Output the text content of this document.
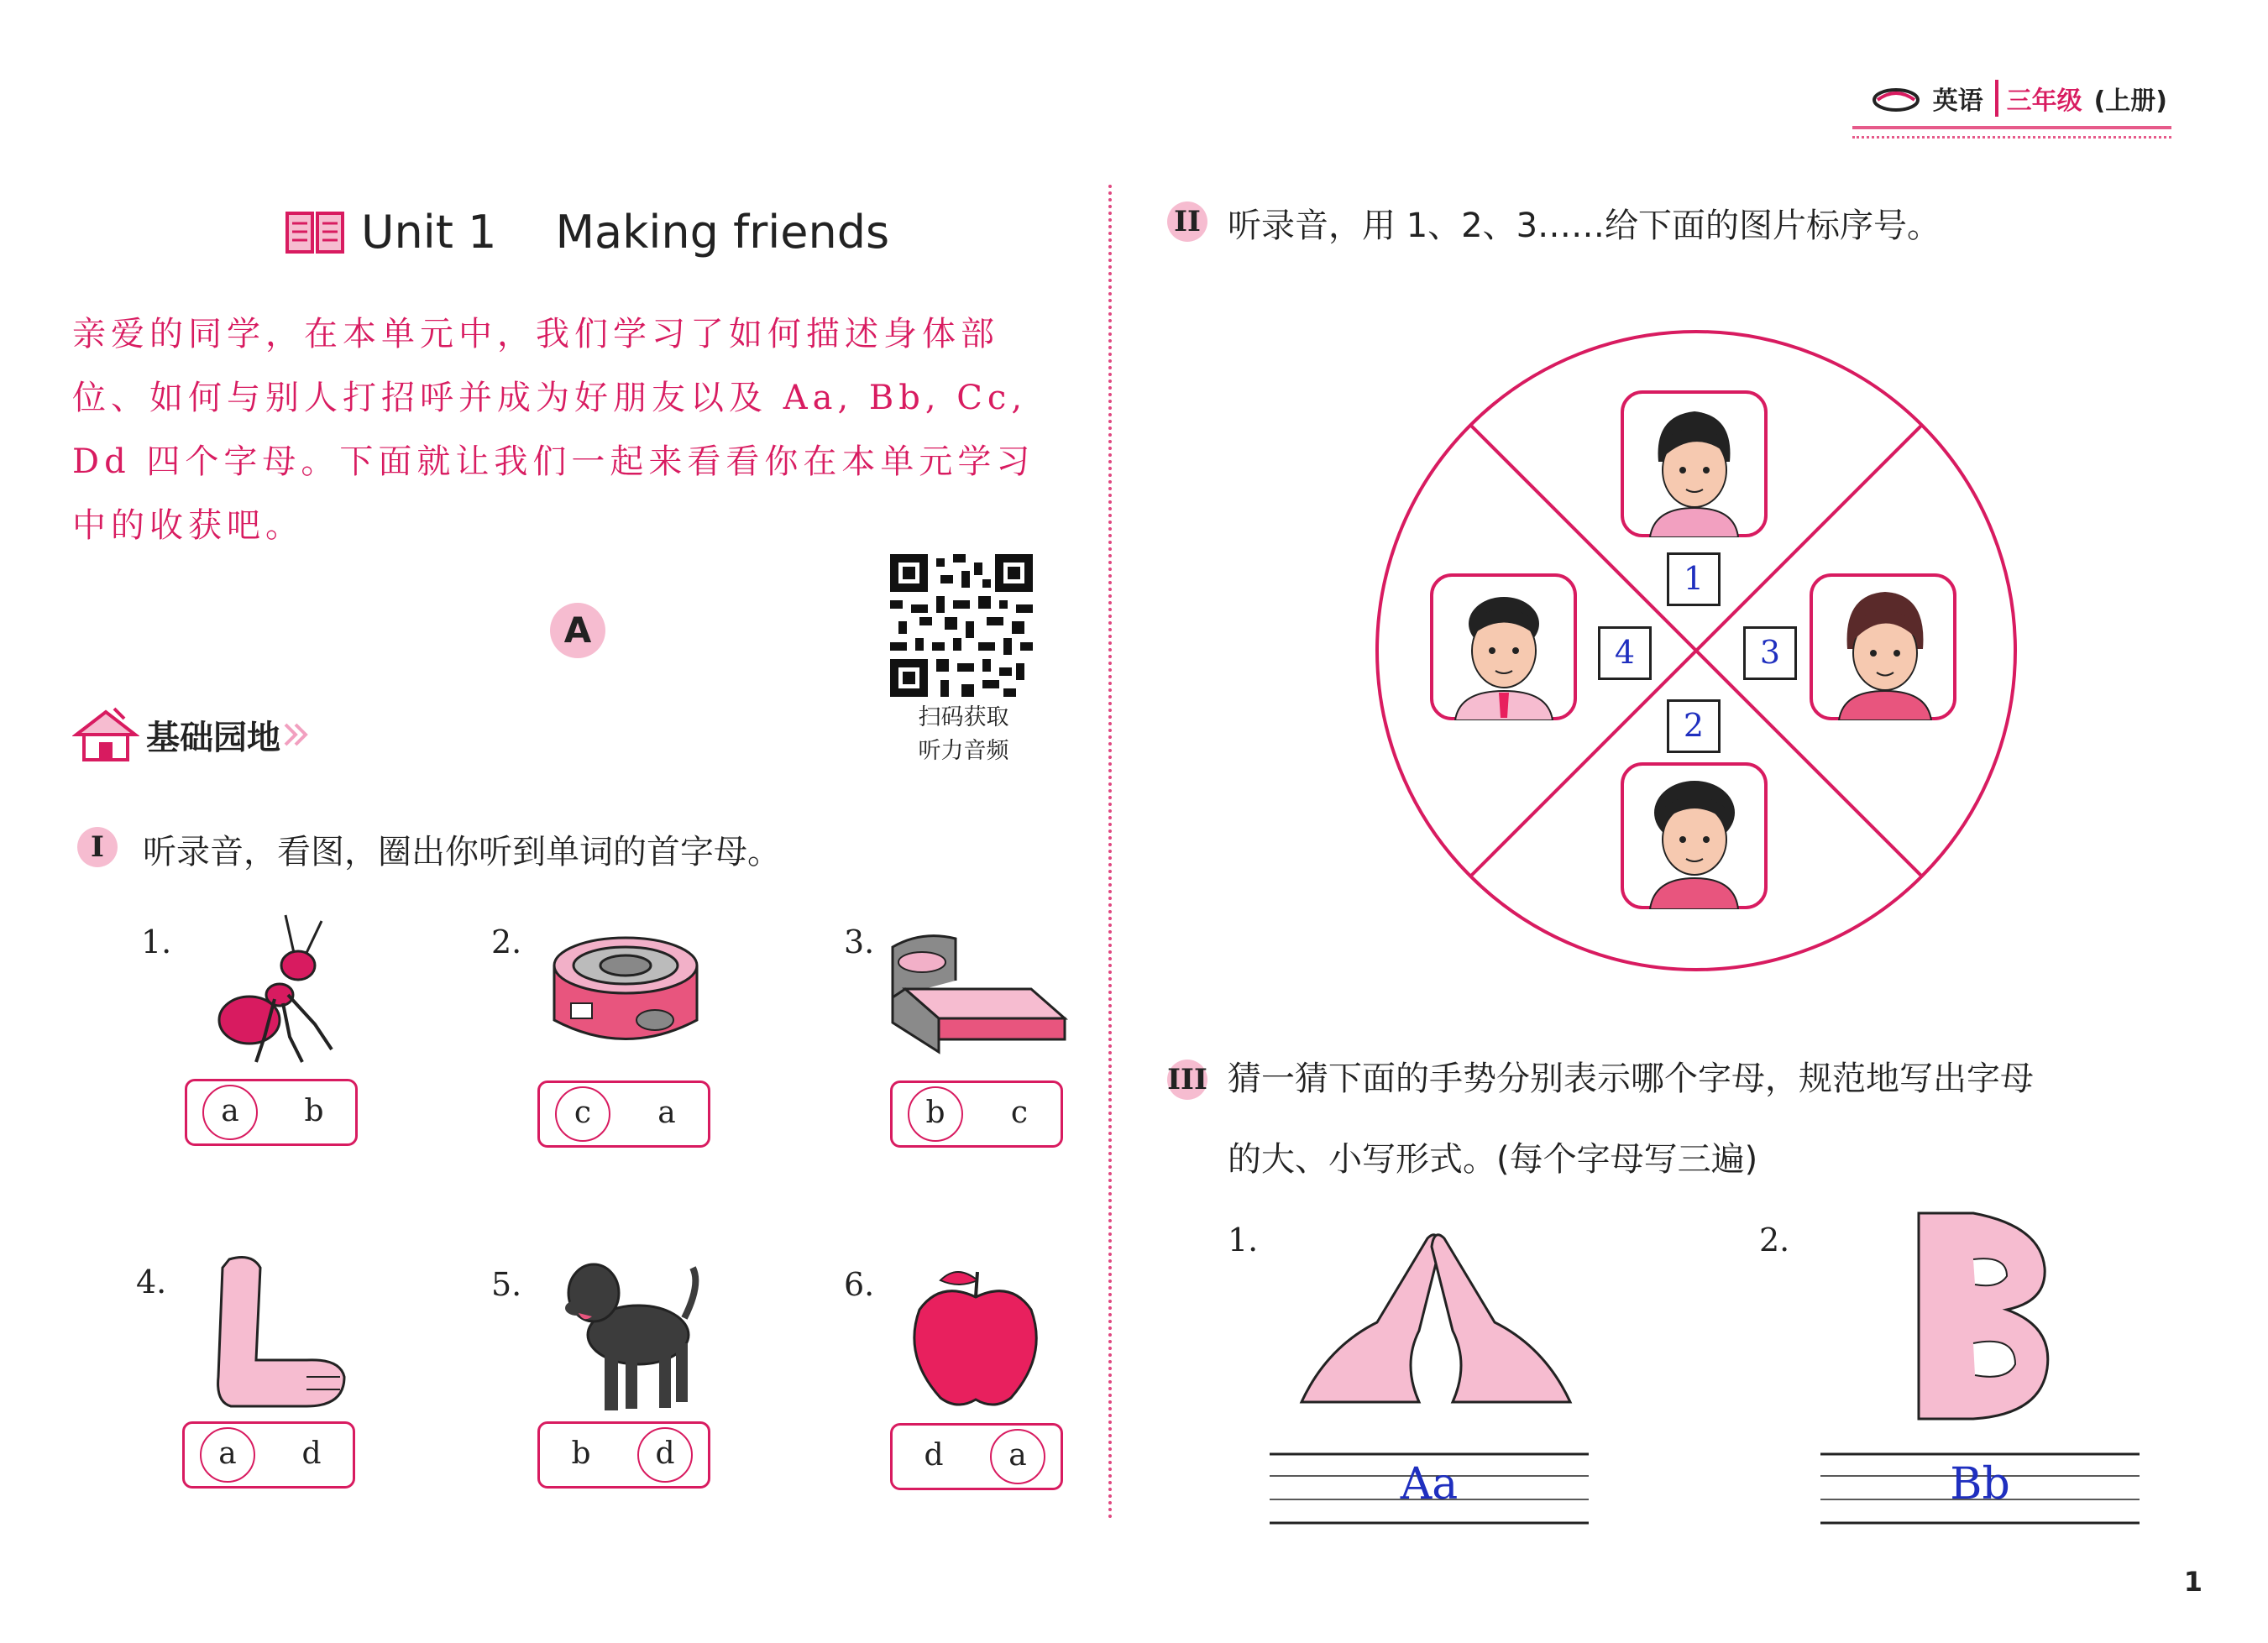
英语 三年级 (上册)
Unit 1 Making friends
亲爱的同学，在本单元中，我们学习了如何描述身体部位、如何与别人打招呼并成为好朋友以及 Aa, Bb, Cc, Dd 四个字母。下面就让我们一起来看看你在本单元学习中的收获吧。
A
扫码获取
听力音频
基础园地
I	听录音，看图，圈出你听到单词的首字母。
1.
a	b
2.
c	a
3.
b	c
4.
a	d
5.
b	d
6.
d	a
II 听录音，用 1、2、3……给下面的图片标序号。
1
3
2
4
III 猜一猜下面的手势分别表示哪个字母，规范地写出字母
的大、小写形式。(每个字母写三遍)
1.
Aa
2.
Bb
1
